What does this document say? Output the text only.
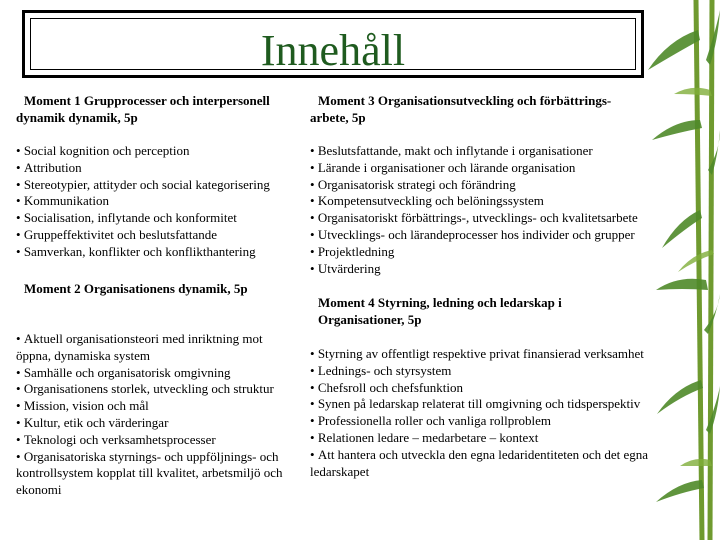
Innehåll
Moment 1 Grupprocesser och interpersonell
dynamik dynamik, 5p
• Social kognition och perception
• Attribution
• Stereotypier, attityder och social kategorisering
• Kommunikation
• Socialisation, inflytande och konformitet
• Gruppeffektivitet och beslutsfattande
• Samverkan, konflikter och konflikthantering
Moment 2 Organisationens dynamik, 5p
• Aktuell organisationsteori med inriktning mot öppna, dynamiska system
• Samhälle och organisatorisk omgivning
• Organisationens storlek, utveckling och struktur
• Mission, vision och mål
• Kultur, etik och värderingar
• Teknologi och verksamhetsprocesser
• Organisatoriska styrnings- och uppföljnings- och kontrollsystem kopplat till kvalitet, arbetsmiljö och ekonomi
Moment 3 Organisationsutveckling och förbättrings-
arbete, 5p
• Beslutsfattande, makt och inflytande i organisationer
• Lärande i organisationer och lärande organisation
• Organisatorisk strategi och förändring
• Kompetensutveckling och belöningssystem
• Organisatoriskt förbättrings-, utvecklings- och kvalitetsarbete
• Utvecklings- och lärandeprocesser hos individer och grupper
• Projektledning
• Utvärdering
Moment 4 Styrning, ledning och ledarskap i
Organisationer, 5p
• Styrning av offentligt respektive privat finansierad verksamhet
• Lednings- och styrsystem
• Chefsroll och chefsfunktion
• Synen på ledarskap relaterat till omgivning och tidsperspektiv
• Professionella roller och vanliga rollproblem
• Relationen ledare – medarbetare – kontext
• Att hantera och utveckla den egna ledaridentiteten och det egna ledarskapet
